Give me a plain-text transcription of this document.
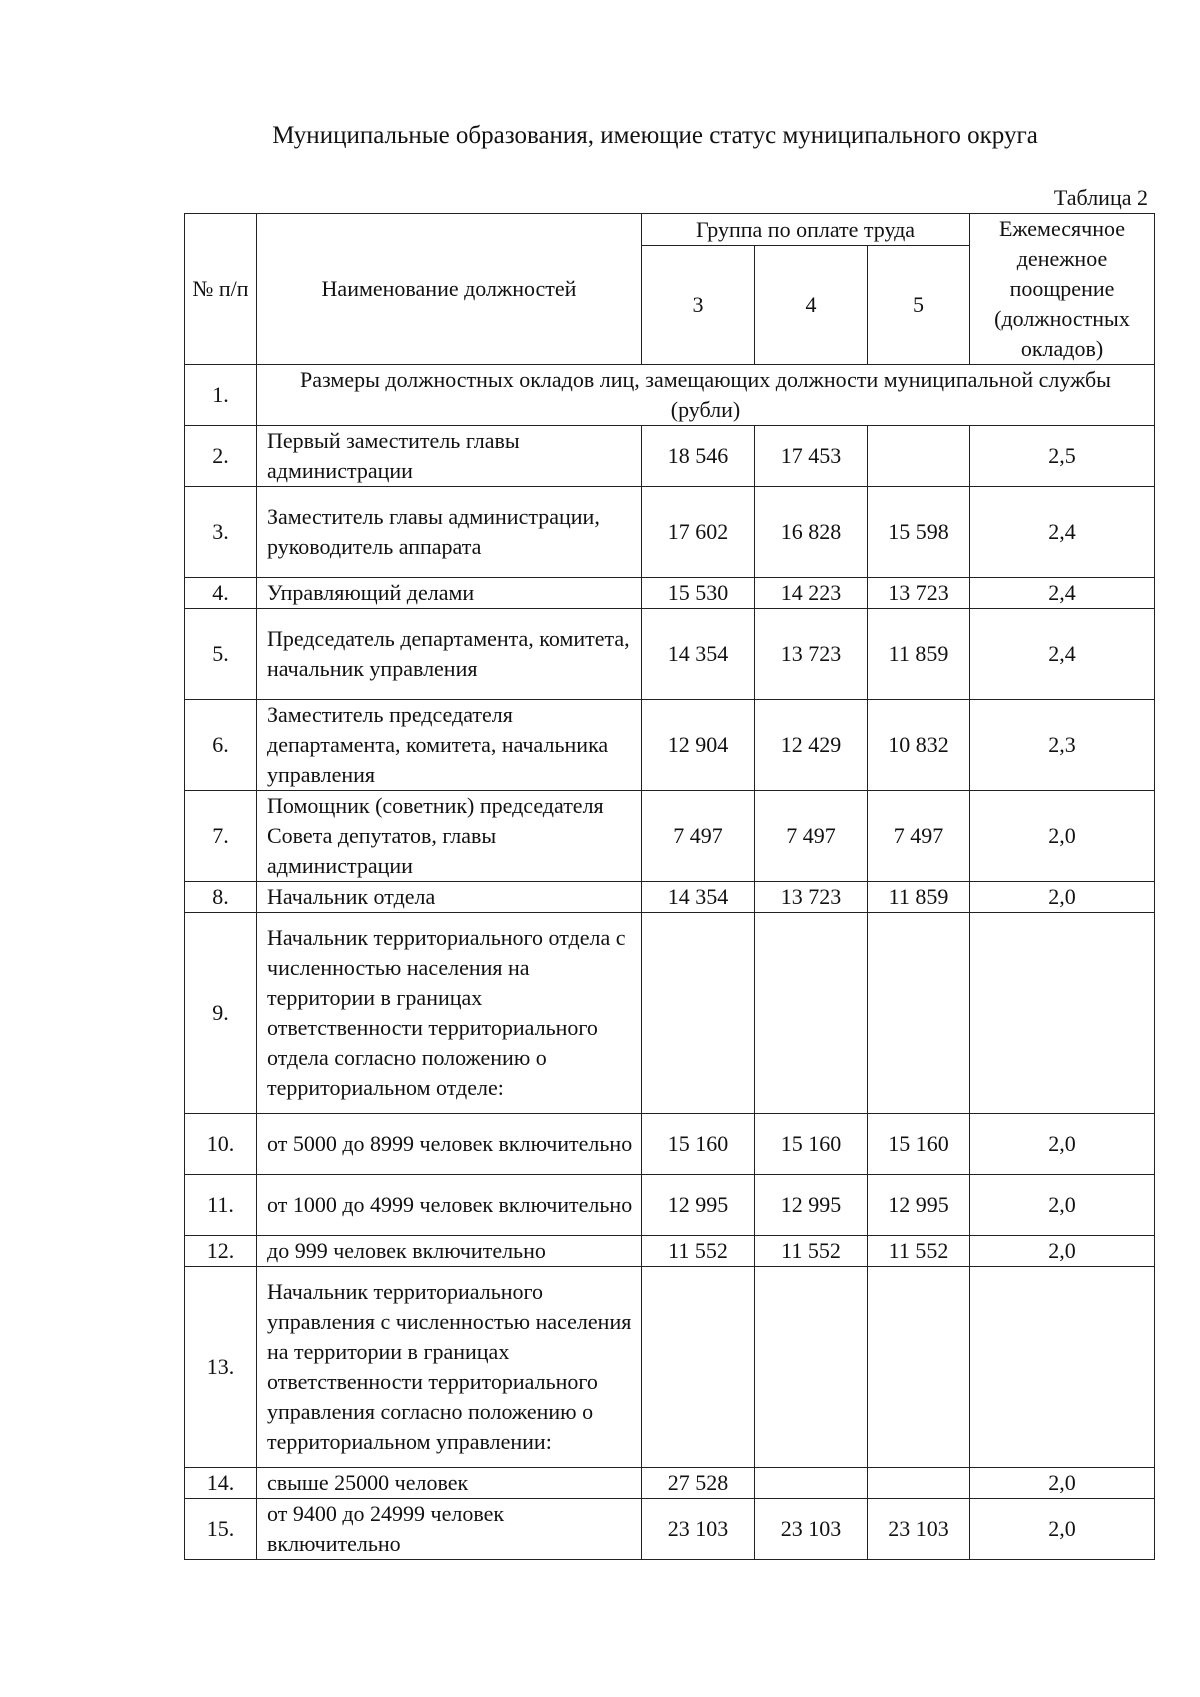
Муниципальные образования, имеющие статус муниципального округа
Таблица 2
№ п/п	Наименование должностей	Группа по оплате труда			Ежемесячное денежное поощрение (должностных окладов)
		3	4	5	
1.	Размеры должностных окладов лиц, замещающих должности муниципальной службы (рубли)				
2.	Первый заместитель главы администрации	18 546	17 453		2,5
3.	Заместитель главы администрации, руководитель аппарата	17 602	16 828	15 598	2,4
4.	Управляющий делами	15 530	14 223	13 723	2,4
5.	Председатель департамента, комитета, начальник управления	14 354	13 723	11 859	2,4
6.	Заместитель председателя департамента, комитета, начальника управления	12 904	12 429	10 832	2,3
7.	Помощник (советник) председателя Совета депутатов, главы администрации	7 497	7 497	7 497	2,0
8.	Начальник отдела	14 354	13 723	11 859	2,0
9.	Начальник территориального отдела с численностью населения на территории в границах ответственности территориального отдела согласно положению о территориальном отделе:				
10.	от 5000 до 8999 человек включительно	15 160	15 160	15 160	2,0
11.	от 1000 до 4999 человек включительно	12 995	12 995	12 995	2,0
12.	до 999 человек включительно	11 552	11 552	11 552	2,0
13.	Начальник территориального управления с численностью населения на территории в границах ответственности территориального управления согласно положению о территориальном управлении:				
14.	свыше 25000 человек	27 528			2,0
15.	от 9400 до 24999 человек включительно	23 103	23 103	23 103	2,0
